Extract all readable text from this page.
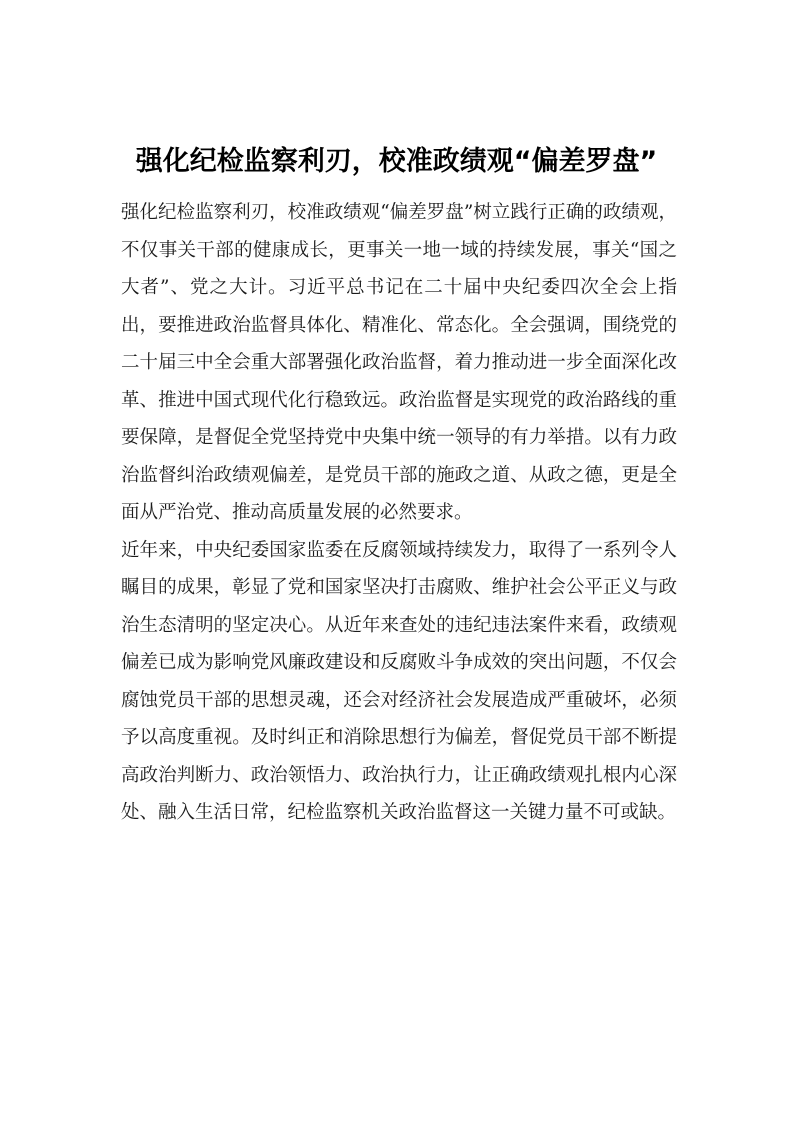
强化纪检监察利刃，校准政绩观“偏差罗盘”

强化纪检监察利刃，校准政绩观“偏差罗盘”树立践行正确的政绩观，不仅事关干部的健康成长，更事关一地一域的持续发展，事关“国之大者”、党之大计。习近平总书记在二十届中央纪委四次全会上指出，要推进政治监督具体化、精准化、常态化。全会强调，围绕党的二十届三中全会重大部署强化政治监督，着力推动进一步全面深化改革、推进中国式现代化行稳致远。政治监督是实现党的政治路线的重要保障，是督促全党坚持党中央集中统一领导的有力举措。以有力政治监督纠治政绩观偏差，是党员干部的施政之道、从政之德，更是全面从严治党、推动高质量发展的必然要求。

近年来，中央纪委国家监委在反腐领域持续发力，取得了一系列令人瞩目的成果，彰显了党和国家坚决打击腐败、维护社会公平正义与政治生态清明的坚定决心。从近年来查处的违纪违法案件来看，政绩观偏差已成为影响党风廉政建设和反腐败斗争成效的突出问题，不仅会腐蚀党员干部的思想灵魂，还会对经济社会发展造成严重破坏，必须予以高度重视。及时纠正和消除思想行为偏差，督促党员干部不断提高政治判断力、政治领悟力、政治执行力，让正确政绩观扎根内心深处、融入生活日常，纪检监察机关政治监督这一关键力量不可或缺。
